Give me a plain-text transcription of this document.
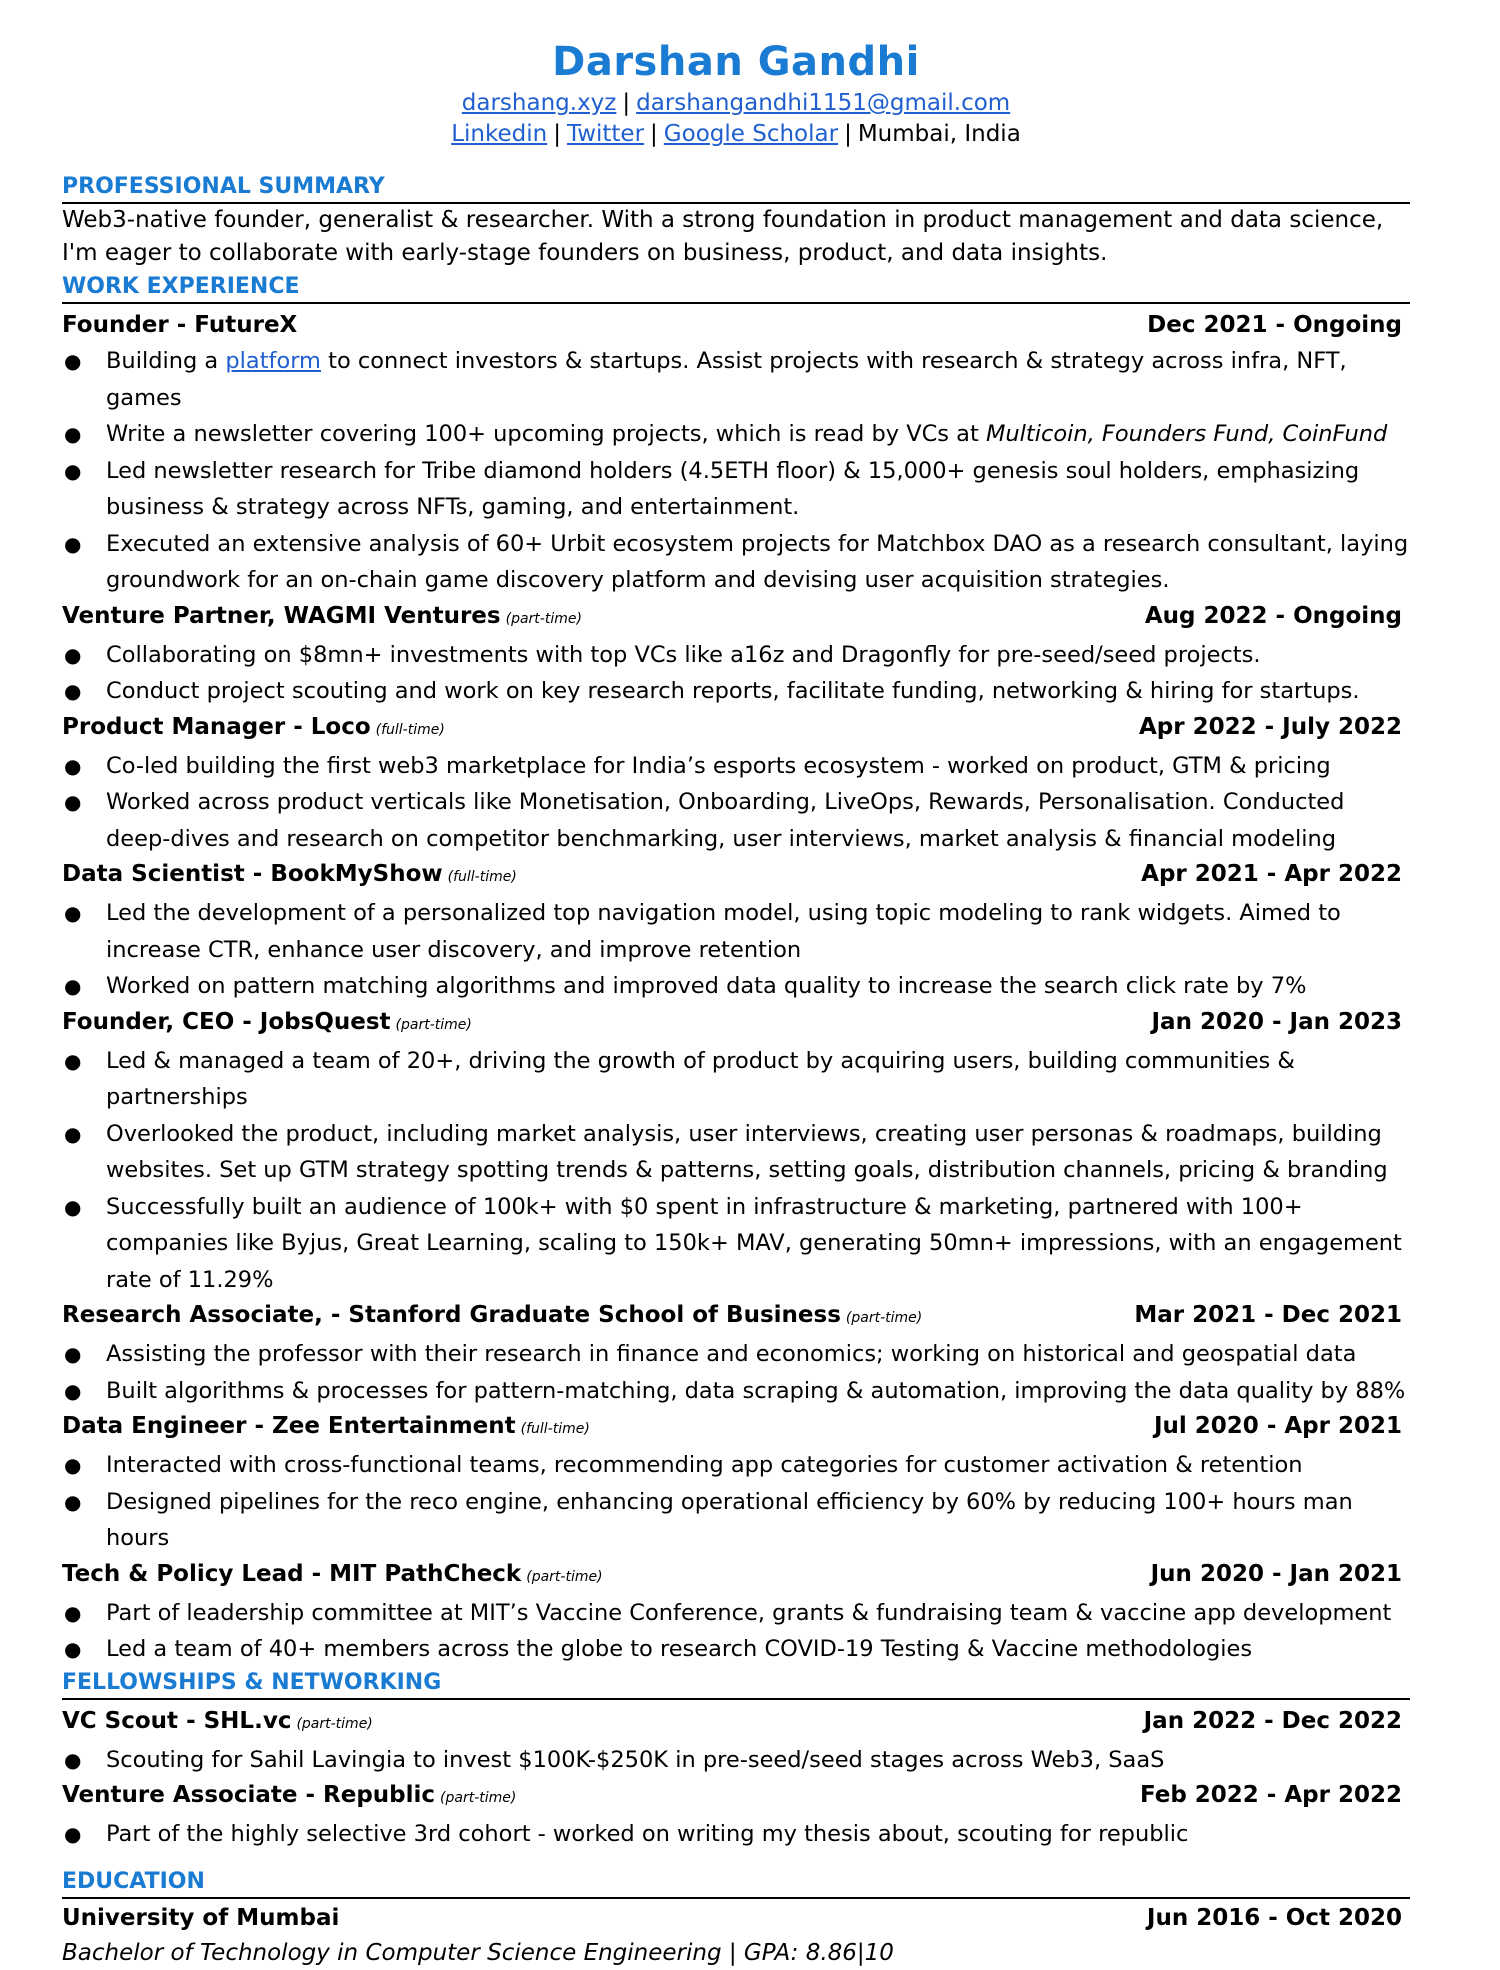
Darshan Gandhi
darshang.xyz | darshangandhi1151@gmail.com
Linkedin | Twitter | Google Scholar | Mumbai, India
PROFESSIONAL SUMMARY
Web3-native founder, generalist & researcher. With a strong foundation in product management and data science, I'm eager to collaborate with early-stage founders on business, product, and data insights.
WORK EXPERIENCE
Founder - FutureX	Dec 2021 - Ongoing
● Building a platform to connect investors & startups. Assist projects with research & strategy across infra, NFT, games
● Write a newsletter covering 100+ upcoming projects, which is read by VCs at Multicoin, Founders Fund, CoinFund
● Led newsletter research for Tribe diamond holders (4.5ETH floor) & 15,000+ genesis soul holders, emphasizing business & strategy across NFTs, gaming, and entertainment.
● Executed an extensive analysis of 60+ Urbit ecosystem projects for Matchbox DAO as a research consultant, laying groundwork for an on-chain game discovery platform and devising user acquisition strategies.
Venture Partner, WAGMI Ventures (part-time)	Aug 2022 - Ongoing
● Collaborating on $8mn+ investments with top VCs like a16z and Dragonfly for pre-seed/seed projects.
● Conduct project scouting and work on key research reports, facilitate funding, networking & hiring for startups.
Product Manager - Loco (full-time)	Apr 2022 - July 2022
● Co-led building the first web3 marketplace for India’s esports ecosystem - worked on product, GTM & pricing
● Worked across product verticals like Monetisation, Onboarding, LiveOps, Rewards, Personalisation. Conducted deep-dives and research on competitor benchmarking, user interviews, market analysis & financial modeling
Data Scientist - BookMyShow (full-time)	Apr 2021 - Apr 2022
● Led the development of a personalized top navigation model, using topic modeling to rank widgets. Aimed to increase CTR, enhance user discovery, and improve retention
● Worked on pattern matching algorithms and improved data quality to increase the search click rate by 7%
Founder, CEO - JobsQuest (part-time)	Jan 2020 - Jan 2023
● Led & managed a team of 20+, driving the growth of product by acquiring users, building communities & partnerships
● Overlooked the product, including market analysis, user interviews, creating user personas & roadmaps, building websites. Set up GTM strategy spotting trends & patterns, setting goals, distribution channels, pricing & branding
● Successfully built an audience of 100k+ with $0 spent in infrastructure & marketing, partnered with 100+ companies like Byjus, Great Learning, scaling to 150k+ MAV, generating 50mn+ impressions, with an engagement rate of 11.29%
Research Associate, - Stanford Graduate School of Business (part-time)	Mar 2021 - Dec 2021
● Assisting the professor with their research in finance and economics; working on historical and geospatial data
● Built algorithms & processes for pattern-matching, data scraping & automation, improving the data quality by 88%
Data Engineer - Zee Entertainment (full-time)	Jul 2020 - Apr 2021
● Interacted with cross-functional teams, recommending app categories for customer activation & retention
● Designed pipelines for the reco engine, enhancing operational efficiency by 60% by reducing 100+ hours man hours
Tech & Policy Lead - MIT PathCheck (part-time)	Jun 2020 - Jan 2021
● Part of leadership committee at MIT’s Vaccine Conference, grants & fundraising team & vaccine app development
● Led a team of 40+ members across the globe to research COVID-19 Testing & Vaccine methodologies
FELLOWSHIPS & NETWORKING
VC Scout - SHL.vc (part-time)	Jan 2022 - Dec 2022
● Scouting for Sahil Lavingia to invest $100K-$250K in pre-seed/seed stages across Web3, SaaS
Venture Associate - Republic (part-time)	Feb 2022 - Apr 2022
● Part of the highly selective 3rd cohort - worked on writing my thesis about, scouting for republic
EDUCATION
University of Mumbai	Jun 2016 - Oct 2020
Bachelor of Technology in Computer Science Engineering | GPA: 8.86|10
